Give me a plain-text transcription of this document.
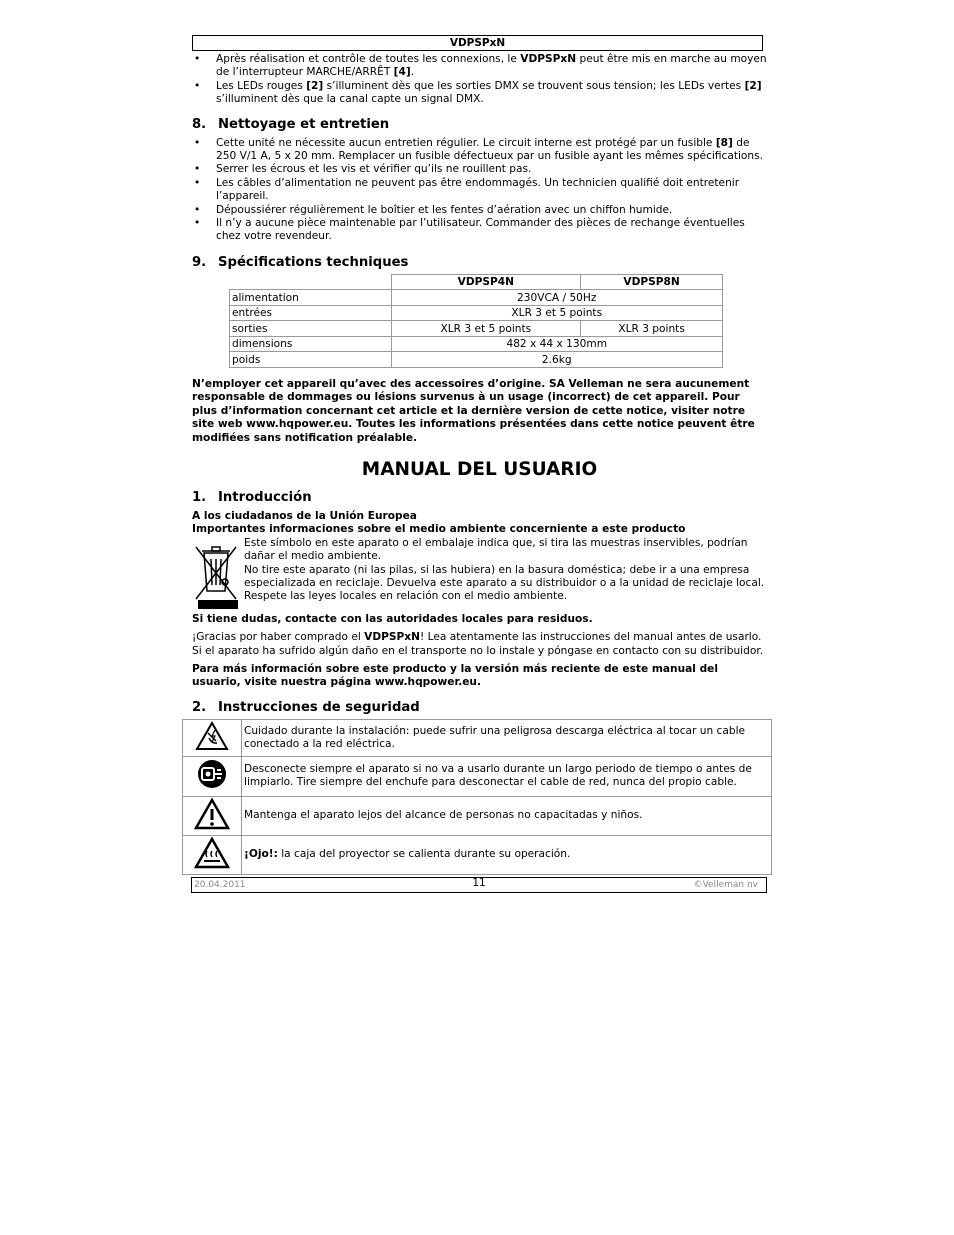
VDPSPxN
• Après réalisation et contrôle de toutes les connexions, le VDPSPxN peut être mis en marche au moyen de l’interrupteur MARCHE/ARRÊT [4].
• Les LEDs rouges [2] s’illuminent dès que les sorties DMX se trouvent sous tension; les LEDs vertes [2] s’illuminent dès que la canal capte un signal DMX.
8. Nettoyage et entretien
• Cette unité ne nécessite aucun entretien régulier. Le circuit interne est protégé par un fusible [8] de 250 V/1 A, 5 x 20 mm. Remplacer un fusible défectueux par un fusible ayant les mêmes spécifications.
• Serrer les écrous et les vis et vérifier qu’ils ne rouillent pas.
• Les câbles d’alimentation ne peuvent pas être endommagés. Un technicien qualifié doit entretenir l’appareil.
• Dépoussiérer régulièrement le boîtier et les fentes d’aération avec un chiffon humide.
• Il n’y a aucune pièce maintenable par l’utilisateur. Commander des pièces de rechange éventuelles chez votre revendeur.
9. Spécifications techniques
	VDPSP4N	VDPSP8N
alimentation	230VCA / 50Hz	
entrées	XLR 3 et 5 points	
sorties	XLR 3 et 5 points	XLR 3 points
dimensions	482 x 44 x 130mm	
poids	2.6kg	

N’employer cet appareil qu’avec des accessoires d’origine. SA Velleman ne sera aucunement responsable de dommages ou lésions survenus à un usage (incorrect) de cet appareil. Pour plus d’information concernant cet article et la dernière version de cette notice, visiter notre site web www.hqpower.eu. Toutes les informations présentées dans cette notice peuvent être modifiées sans notification préalable.

MANUAL DEL USUARIO
1. Introducción

A los ciudadanos de la Unión Europea

Importantes informaciones sobre el medio ambiente concerniente a este producto

Este símbolo en este aparato o el embalaje indica que, si tira las muestras inservibles, podrían dañar el medio ambiente.

No tire este aparato (ni las pilas, si las hubiera) en la basura doméstica; debe ir a una empresa especializada en reciclaje. Devuelva este aparato a su distribuidor o a la unidad de reciclaje local.

Respete las leyes locales en relación con el medio ambiente.

Si tiene dudas, contacte con las autoridades locales para residuos.

¡Gracias por haber comprado el VDPSPxN! Lea atentamente las instrucciones del manual antes de usarlo. Si el aparato ha sufrido algún daño en el transporte no lo instale y póngase en contacto con su distribuidor.

Para más información sobre este producto y la versión más reciente de este manual del usuario, visite nuestra página www.hqpower.eu.

2. Instrucciones de seguridad
	Cuidado durante la instalación: puede sufrir una peligrosa descarga eléctrica al tocar un cable conectado a la red eléctrica.
	Desconecte siempre el aparato si no va a usarlo durante un largo periodo de tiempo o antes de limpiarlo. Tire siempre del enchufe para desconectar el cable de red, nunca del propio cable.
	Mantenga el aparato lejos del alcance de personas no capacitadas y niños.
	¡Ojo!: la caja del proyector se calienta durante su operación.
20.04.2011	11	©Velleman nv
